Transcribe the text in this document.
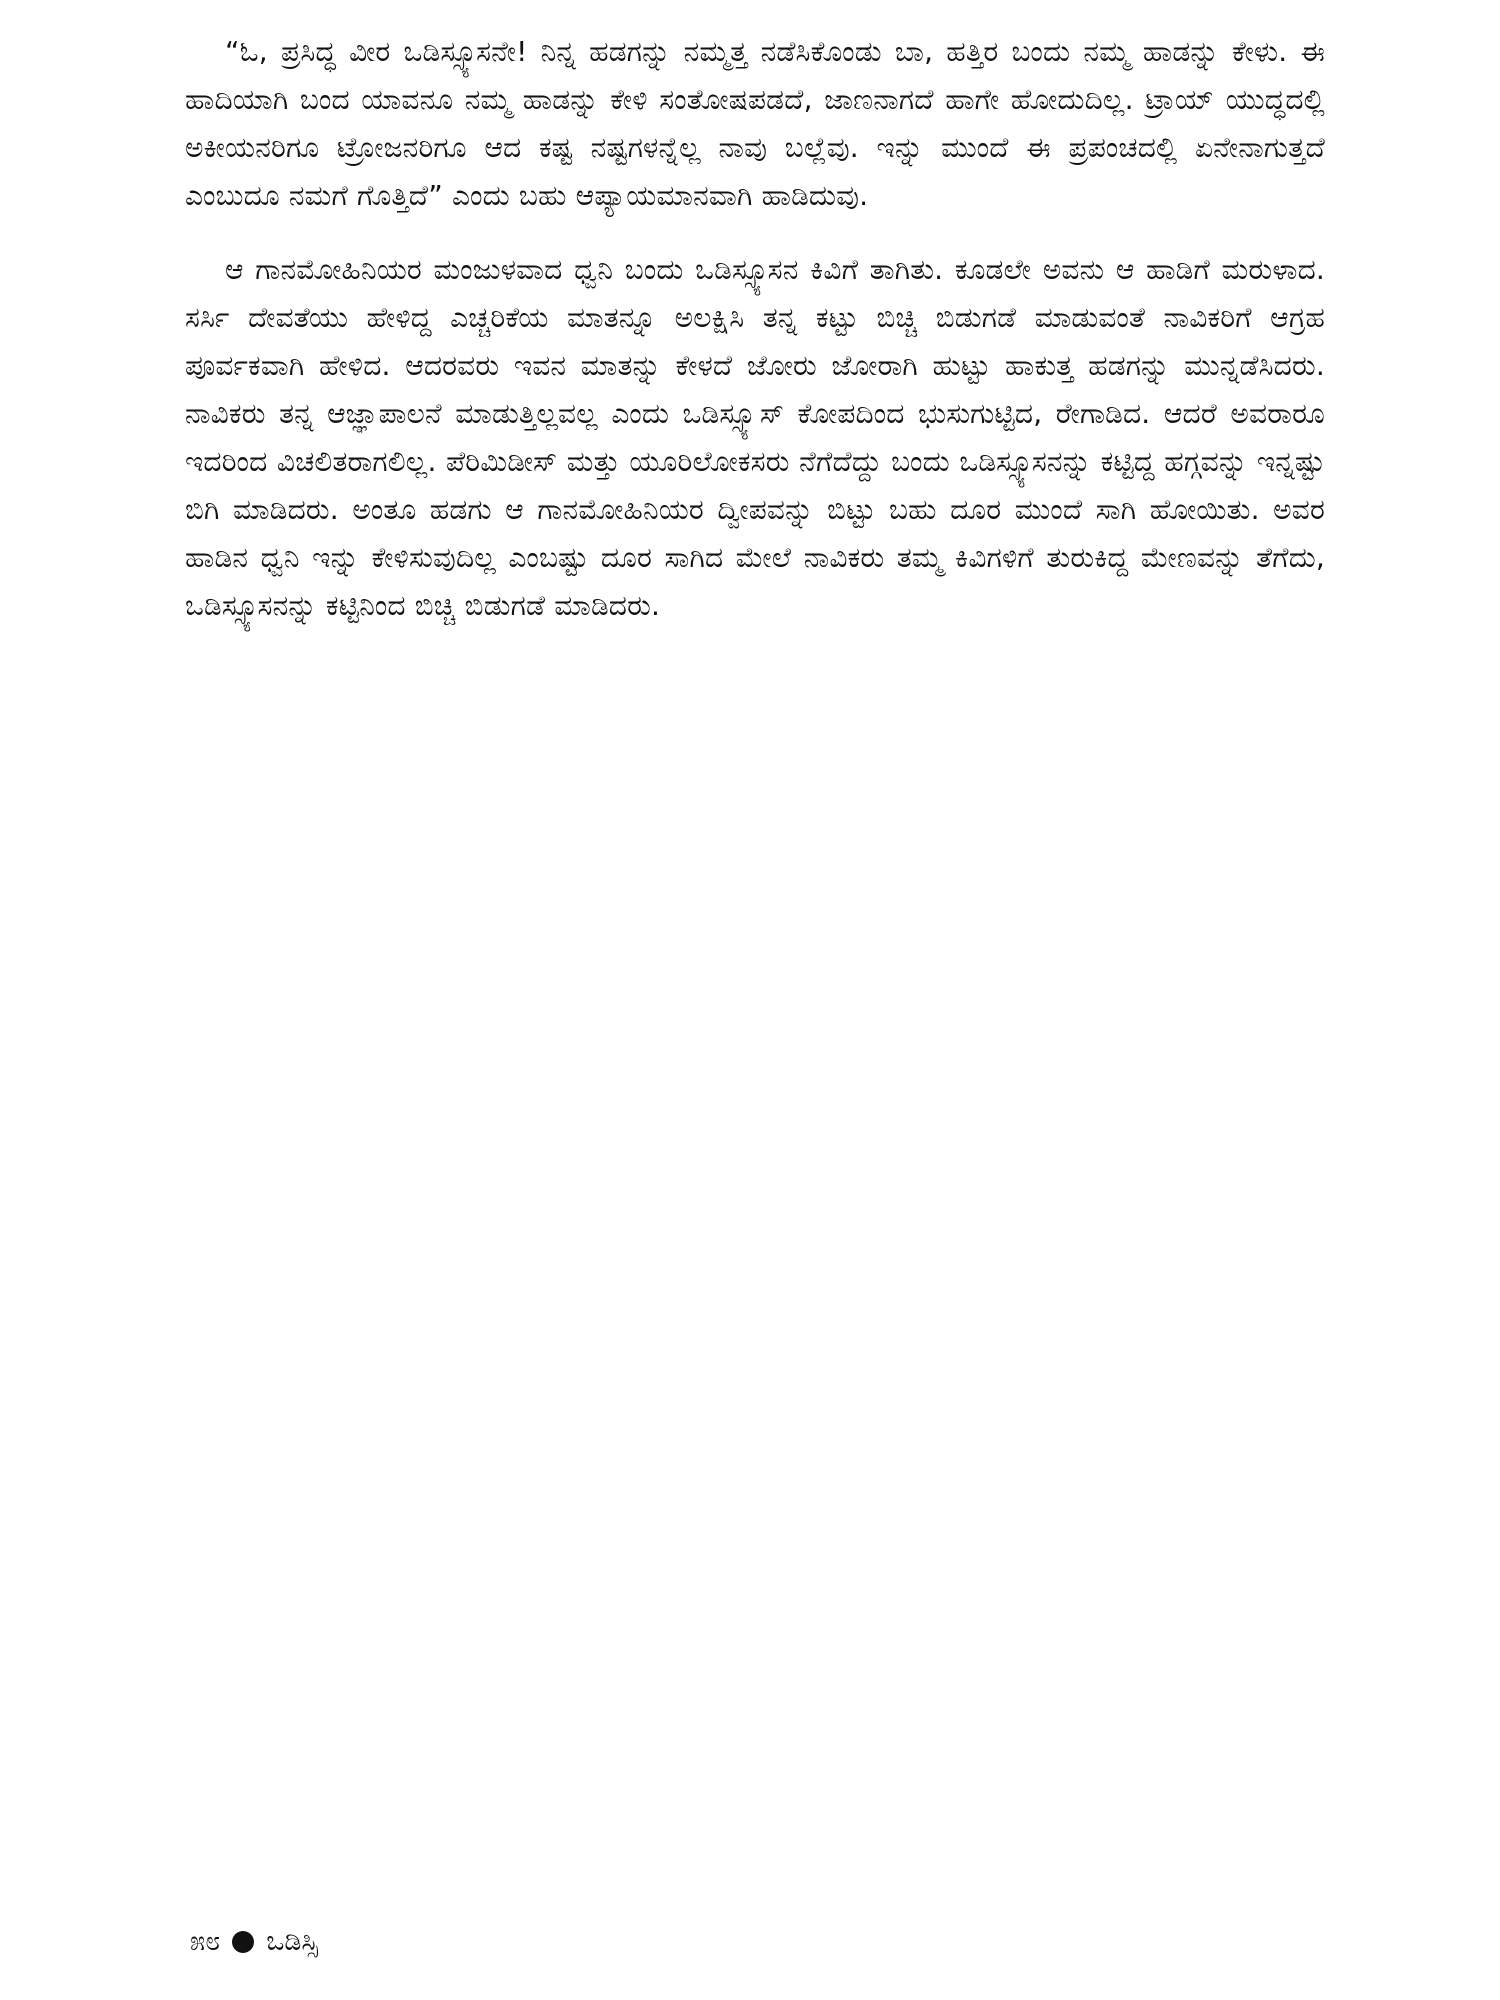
“ಓ, ಪ್ರಸಿದ್ಧ ವೀರ ಒಡಿಸ್ಸ್ಯೂಸನೇ! ನಿನ್ನ ಹಡಗನ್ನು ನಮ್ಮತ್ತ ನಡೆಸಿಕೊಂಡು ಬಾ, ಹತ್ತಿರ ಬಂದು ನಮ್ಮ ಹಾಡನ್ನು ಕೇಳು. ಈ ಹಾದಿಯಾಗಿ ಬಂದ ಯಾವನೂ ನಮ್ಮ ಹಾಡನ್ನು ಕೇಳಿ ಸಂತೋಷಪಡದೆ, ಜಾಣನಾಗದೆ ಹಾಗೇ ಹೋದುದಿಲ್ಲ. ಟ್ರಾಯ್ ಯುದ್ಧದಲ್ಲಿ ಅಕೀಯನರಿಗೂ ಟ್ರೋಜನರಿಗೂ ಆದ ಕಷ್ಟ ನಷ್ಟಗಳನ್ನೆಲ್ಲ ನಾವು ಬಲ್ಲೆವು. ಇನ್ನು ಮುಂದೆ ಈ ಪ್ರಪಂಚದಲ್ಲಿ ಏನೇನಾಗುತ್ತದೆ ಎಂಬುದೂ ನಮಗೆ ಗೊತ್ತಿದೆ” ಎಂದು ಬಹು ಆಪ್ಯಾಯಮಾನವಾಗಿ ಹಾಡಿದುವು.

ಆ ಗಾನಮೋಹಿನಿಯರ ಮಂಜುಳವಾದ ಧ್ವನಿ ಬಂದು ಒಡಿಸ್ಸ್ಯೂಸನ ಕಿವಿಗೆ ತಾಗಿತು. ಕೂಡಲೇ ಅವನು ಆ ಹಾಡಿಗೆ ಮರುಳಾದ. ಸರ್ಸಿ ದೇವತೆಯು ಹೇಳಿದ್ದ ಎಚ್ಚರಿಕೆಯ ಮಾತನ್ನೂ ಅಲಕ್ಷಿಸಿ ತನ್ನ ಕಟ್ಟು ಬಿಚ್ಚಿ ಬಿಡುಗಡೆ ಮಾಡುವಂತೆ ನಾವಿಕರಿಗೆ ಆಗ್ರಹ ಪೂರ್ವಕವಾಗಿ ಹೇಳಿದ. ಆದರವರು ಇವನ ಮಾತನ್ನು ಕೇಳದೆ ಜೋರು ಜೋರಾಗಿ ಹುಟ್ಟು ಹಾಕುತ್ತ ಹಡಗನ್ನು ಮುನ್ನಡೆಸಿದರು. ನಾವಿಕರು ತನ್ನ ಆಜ್ಞಾಪಾಲನೆ ಮಾಡುತ್ತಿಲ್ಲವಲ್ಲ ಎಂದು ಒಡಿಸ್ಸ್ಯೂಸ್ ಕೋಪದಿಂದ ಭುಸುಗುಟ್ಟಿದ, ರೇಗಾಡಿದ. ಆದರೆ ಅವರಾರೂ ಇದರಿಂದ ವಿಚಲಿತರಾಗಲಿಲ್ಲ. ಪೆರಿಮಿಡೀಸ್ ಮತ್ತು ಯೂರಿಲೋಕಸರು ನೆಗೆದೆದ್ದು ಬಂದು ಒಡಿಸ್ಸ್ಯೂಸನನ್ನು ಕಟ್ಟಿದ್ದ ಹಗ್ಗವನ್ನು ಇನ್ನಷ್ಟು ಬಿಗಿ ಮಾಡಿದರು. ಅಂತೂ ಹಡಗು ಆ ಗಾನಮೋಹಿನಿಯರ ದ್ವೀಪವನ್ನು ಬಿಟ್ಟು ಬಹು ದೂರ ಮುಂದೆ ಸಾಗಿ ಹೋಯಿತು. ಅವರ ಹಾಡಿನ ಧ್ವನಿ ಇನ್ನು ಕೇಳಿಸುವುದಿಲ್ಲ ಎಂಬಷ್ಟು ದೂರ ಸಾಗಿದ ಮೇಲೆ ನಾವಿಕರು ತಮ್ಮ ಕಿವಿಗಳಿಗೆ ತುರುಕಿದ್ದ ಮೇಣವನ್ನು ತೆಗೆದು, ಒಡಿಸ್ಸ್ಯೂಸನನ್ನು ಕಟ್ಟಿನಿಂದ ಬಿಚ್ಚಿ ಬಿಡುಗಡೆ ಮಾಡಿದರು.

೫೮ ಒಡಿಸ್ಸಿ
